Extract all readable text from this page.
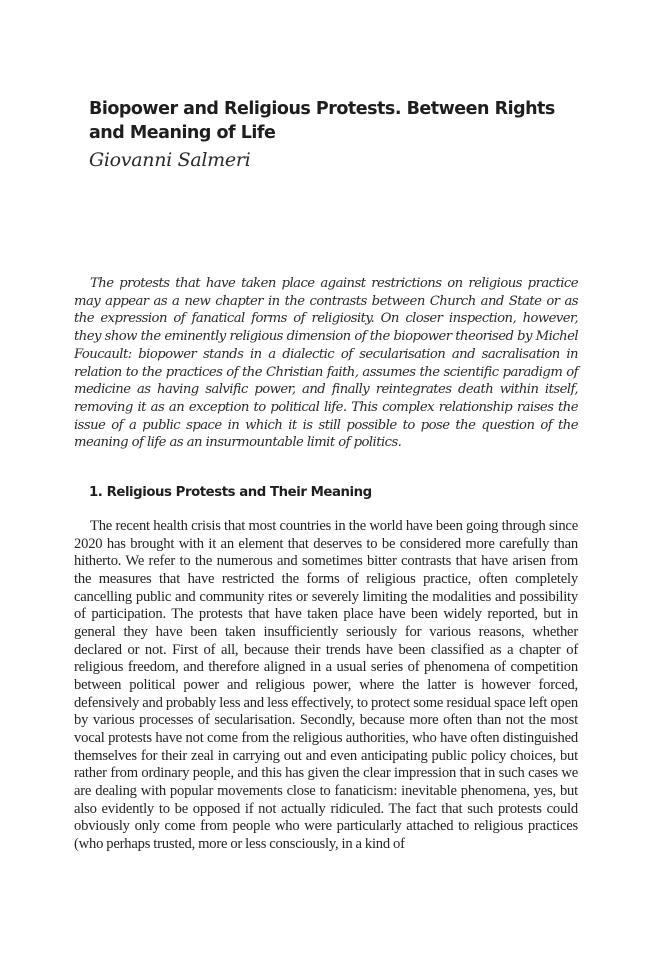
Biopower and Religious Protests. Between Rights and Meaning of Life

Giovanni Salmeri

The protests that have taken place against restrictions on religious practice may appear as a new chapter in the contrasts between Church and State or as the expression of fanatical forms of religiosity. On closer inspection, however, they show the eminently religious dimension of the biopower theorised by Michel Foucault: biopower stands in a dialectic of secularisation and sacralisation in relation to the practices of the Christian faith, assumes the scientific paradigm of medicine as having salvific power, and finally reintegrates death within itself, removing it as an exception to political life. This complex relationship raises the issue of a public space in which it is still possible to pose the question of the meaning of life as an insurmountable limit of politics.

1. Religious Protests and Their Meaning

The recent health crisis that most countries in the world have been going through since 2020 has brought with it an element that deserves to be considered more carefully than hitherto. We refer to the numerous and sometimes bitter contrasts that have arisen from the measures that have restricted the forms of religious practice, often completely cancelling public and community rites or severely limiting the modalities and possibility of participation. The protests that have taken place have been widely reported, but in general they have been taken insufficiently seriously for various reasons, whether declared or not. First of all, because their trends have been classified as a chapter of religious freedom, and therefore aligned in a usual series of phenomena of competition between political power and religious power, where the latter is however forced, defensively and probably less and less effectively, to protect some residual space left open by various processes of secularisation. Secondly, because more often than not the most vocal protests have not come from the religious authorities, who have often distinguished themselves for their zeal in carrying out and even anticipating public policy choices, but rather from ordinary people, and this has given the clear impression that in such cases we are dealing with popular movements close to fanaticism: inevitable phenomena, yes, but also evidently to be opposed if not actually ridiculed. The fact that such protests could obviously only come from people who were particularly attached to religious practices (who perhaps trusted, more or less consciously, in a kind of
